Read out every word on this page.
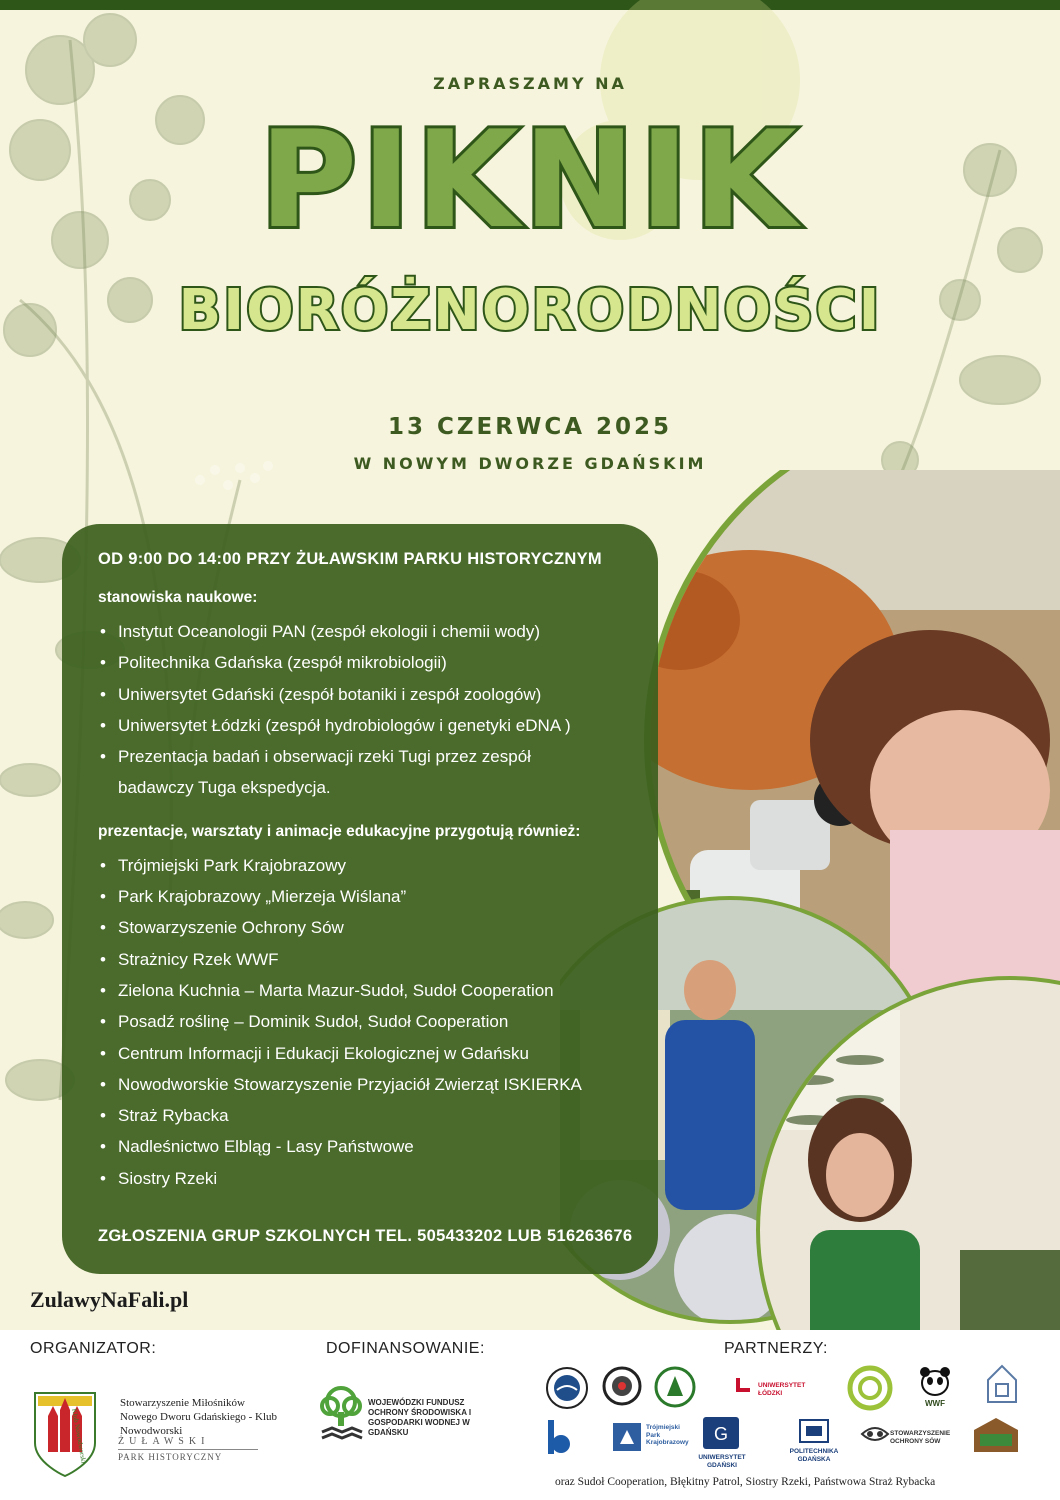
ZAPRASZAMY NA
PIKNIK
BIORÓŻNORODNOŚCI
13 CZERWCA 2025
W NOWYM DWORZE GDAŃSKIM
OD 9:00 DO 14:00 PRZY ŻUŁAWSKIM PARKU HISTORYCZNYM
stanowiska naukowe:
• Instytut Oceanologii PAN (zespół ekologii i chemii wody)
• Politechnika Gdańska (zespół mikrobiologii)
• Uniwersytet Gdański (zespół botaniki i zespół zoologów)
• Uniwersytet Łódzki (zespół hydrobiologów i genetyki eDNA )
• Prezentacja badań i obserwacji rzeki Tugi przez zespół
badawczy Tuga ekspedycja.
prezentacje, warsztaty i animacje edukacyjne przygotują również:
• Trójmiejski Park Krajobrazowy
• Park Krajobrazowy „Mierzeja Wiślana”
• Stowarzyszenie Ochrony Sów
• Strażnicy Rzek WWF
• Zielona Kuchnia – Marta Mazur-Sudoł, Sudoł Cooperation
• Posadź roślinę – Dominik Sudoł, Sudoł Cooperation
• Centrum Informacji i Edukacji Ekologicznej w Gdańsku
• Nowodworskie Stowarzyszenie Przyjaciół Zwierząt ISKIERKA
• Straż Rybacka
• Nadleśnictwo Elbląg - Lasy Państwowe
• Siostry Rzeki
ZGŁOSZENIA GRUP SZKOLNYCH TEL. 505433202 LUB 516263676
ZulawyNaFali.pl
ORGANIZATOR:	DOFINANSOWANIE:	PARTNERZY:
Klub Nowodworski
Stowarzyszenie Miłośników Nowego Dworu Gdańskiego - Klub Nowodworski
ŻUŁAWSKI
PARK HISTORYCZNY
WOJEWÓDZKI FUNDUSZ OCHRONY ŚRODOWISKA I GOSPODARKI WODNEJ W GDAŃSKU
UNIWERSYTET ŁÓDZKI
WWF
Trójmiejski Park Krajobrazowy G
UNIWERSYTET GDAŃSKI
POLITECHNIKA GDAŃSKA
STOWARZYSZENIE OCHRONY SÓW
oraz Sudoł Cooperation, Błękitny Patrol, Siostry Rzeki, Państwowa Straż Rybacka
